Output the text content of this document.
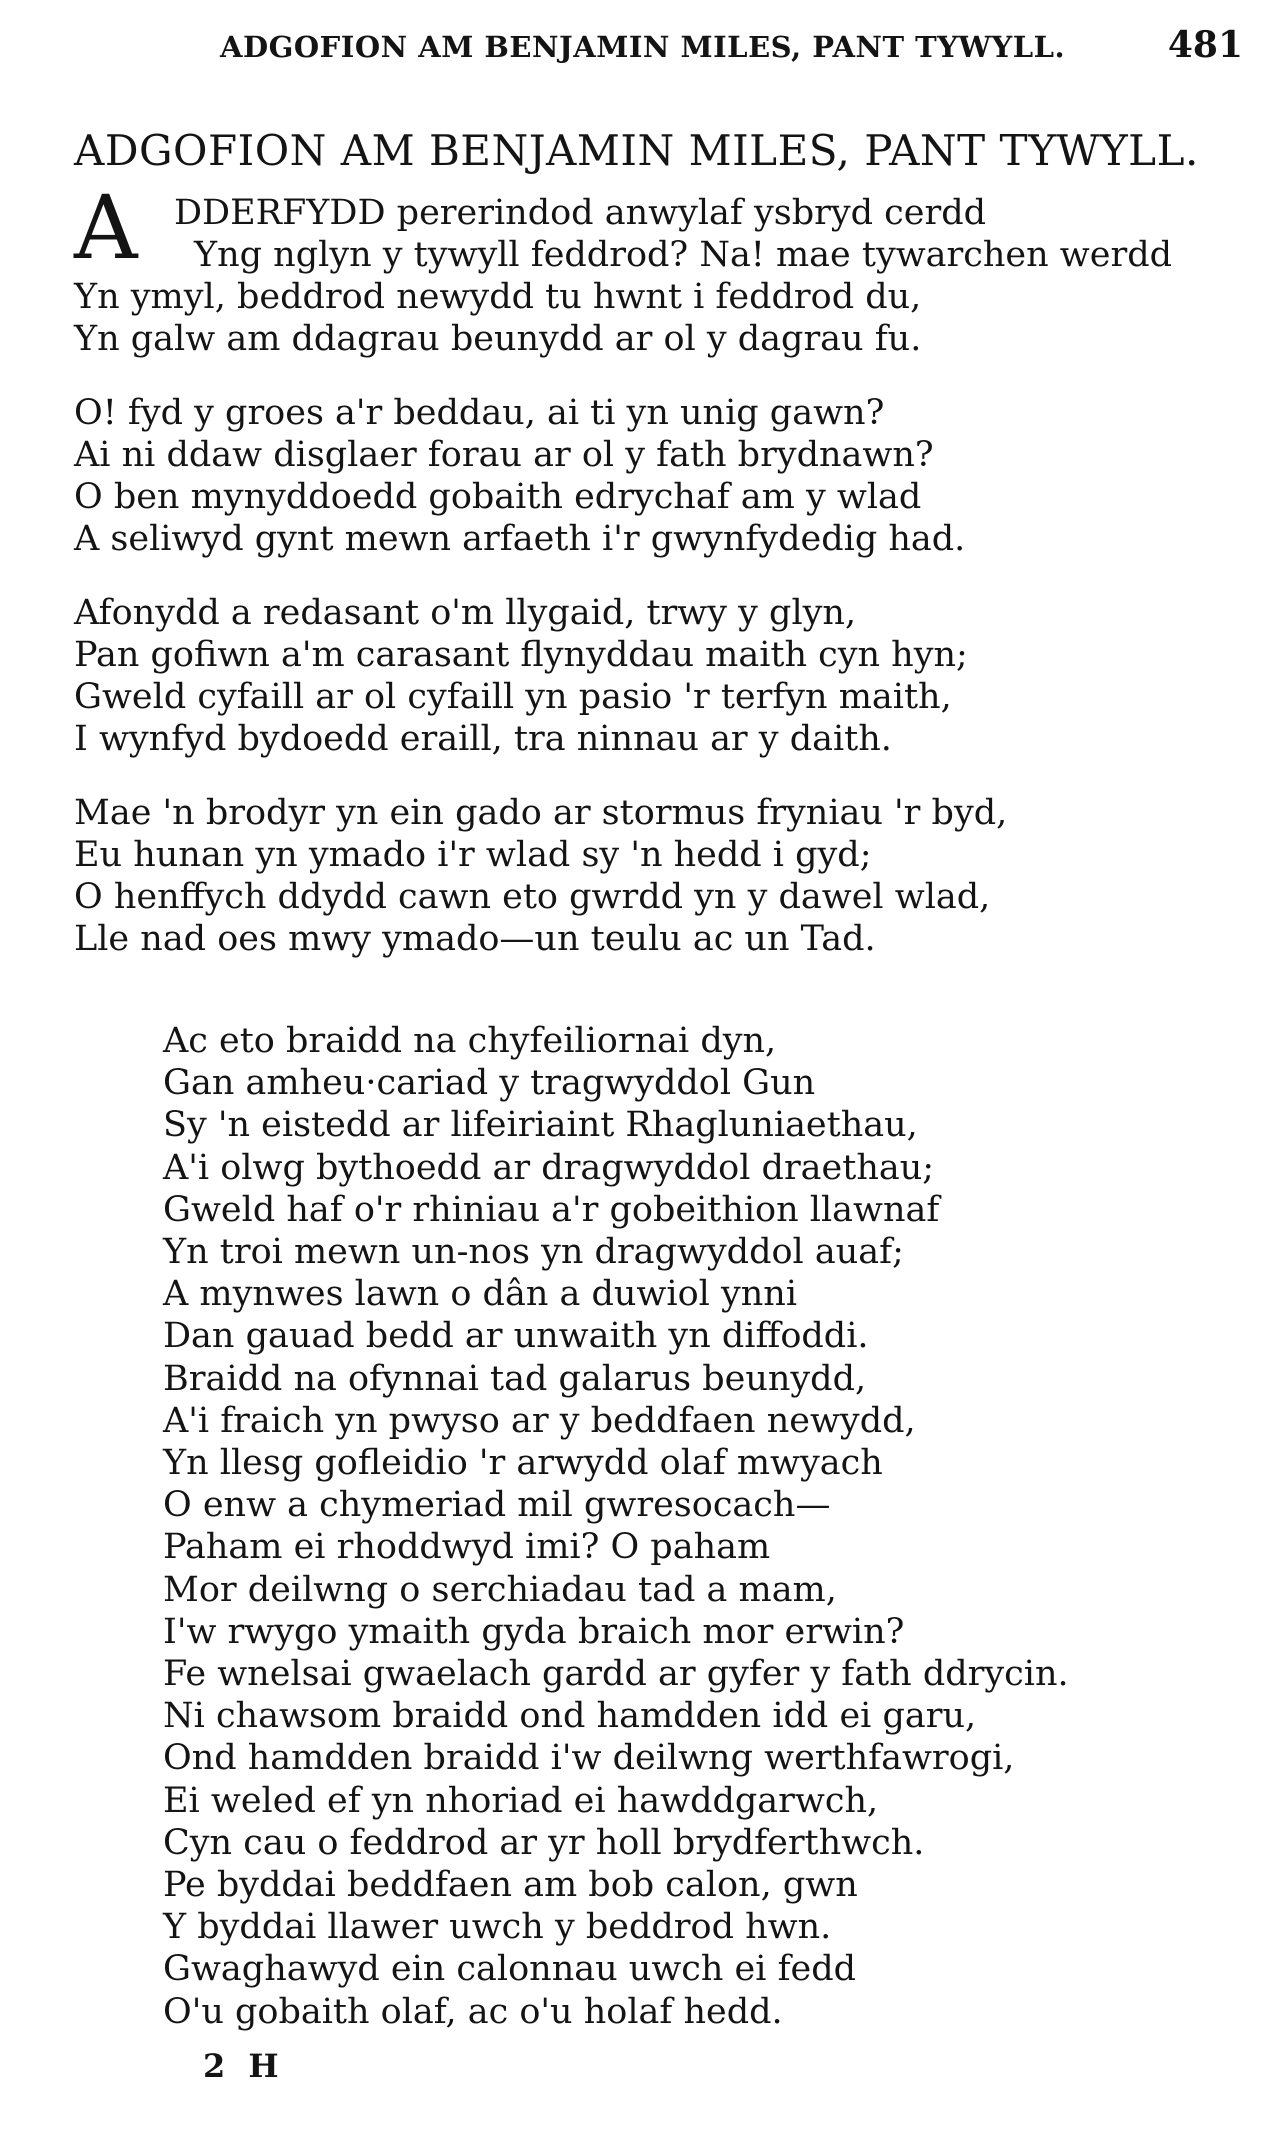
ADGOFION AM BENJAMIN MILES, PANT TYWYLL.	481
ADGOFION AM BENJAMIN MILES, PANT TYWYLL.
A	DDERFYDD pererindod anwylaf ysbryd cerdd
Yng nglyn y tywyll feddrod? Na! mae tywarchen werdd
Yn ymyl, beddrod newydd tu hwnt i feddrod du,
Yn galw am ddagrau beunydd ar ol y dagrau fu.
O! fyd y groes a'r beddau, ai ti yn unig gawn?
Ai ni ddaw disglaer forau ar ol y fath brydnawn?
O ben mynyddoedd gobaith edrychaf am y wlad
A seliwyd gynt mewn arfaeth i'r gwynfydedig had.
Afonydd a redasant o'm llygaid, trwy y glyn,
Pan gofiwn a'm carasant flynyddau maith cyn hyn;
Gweld cyfaill ar ol cyfaill yn pasio 'r terfyn maith,
I wynfyd bydoedd eraill, tra ninnau ar y daith.
Mae 'n brodyr yn ein gado ar stormus fryniau 'r byd,
Eu hunan yn ymado i'r wlad sy 'n hedd i gyd;
O henffych ddydd cawn eto gwrdd yn y dawel wlad,
Lle nad oes mwy ymado—un teulu ac un Tad.
Ac eto braidd na chyfeiliornai dyn,
Gan amheu·cariad y tragwyddol Gun
Sy 'n eistedd ar lifeiriaint Rhagluniaethau,
A'i olwg bythoedd ar dragwyddol draethau;
Gweld haf o'r rhiniau a'r gobeithion llawnaf
Yn troi mewn un-nos yn dragwyddol auaf;
A mynwes lawn o dân a duwiol ynni
Dan gauad bedd ar unwaith yn diffoddi.
Braidd na ofynnai tad galarus beunydd,
A'i fraich yn pwyso ar y beddfaen newydd,
Yn llesg gofleidio 'r arwydd olaf mwyach
O enw a chymeriad mil gwresocach—
Paham ei rhoddwyd imi? O paham
Mor deilwng o serchiadau tad a mam,
I'w rwygo ymaith gyda braich mor erwin?
Fe wnelsai gwaelach gardd ar gyfer y fath ddrycin.
Ni chawsom braidd ond hamdden idd ei garu,
Ond hamdden braidd i'w deilwng werthfawrogi,
Ei weled ef yn nhoriad ei hawddgarwch,
Cyn cau o feddrod ar yr holl brydferthwch.
Pe byddai beddfaen am bob calon, gwn
Y byddai llawer uwch y beddrod hwn.
Gwaghawyd ein calonnau uwch ei fedd
O'u gobaith olaf, ac o'u holaf hedd.
2 H
